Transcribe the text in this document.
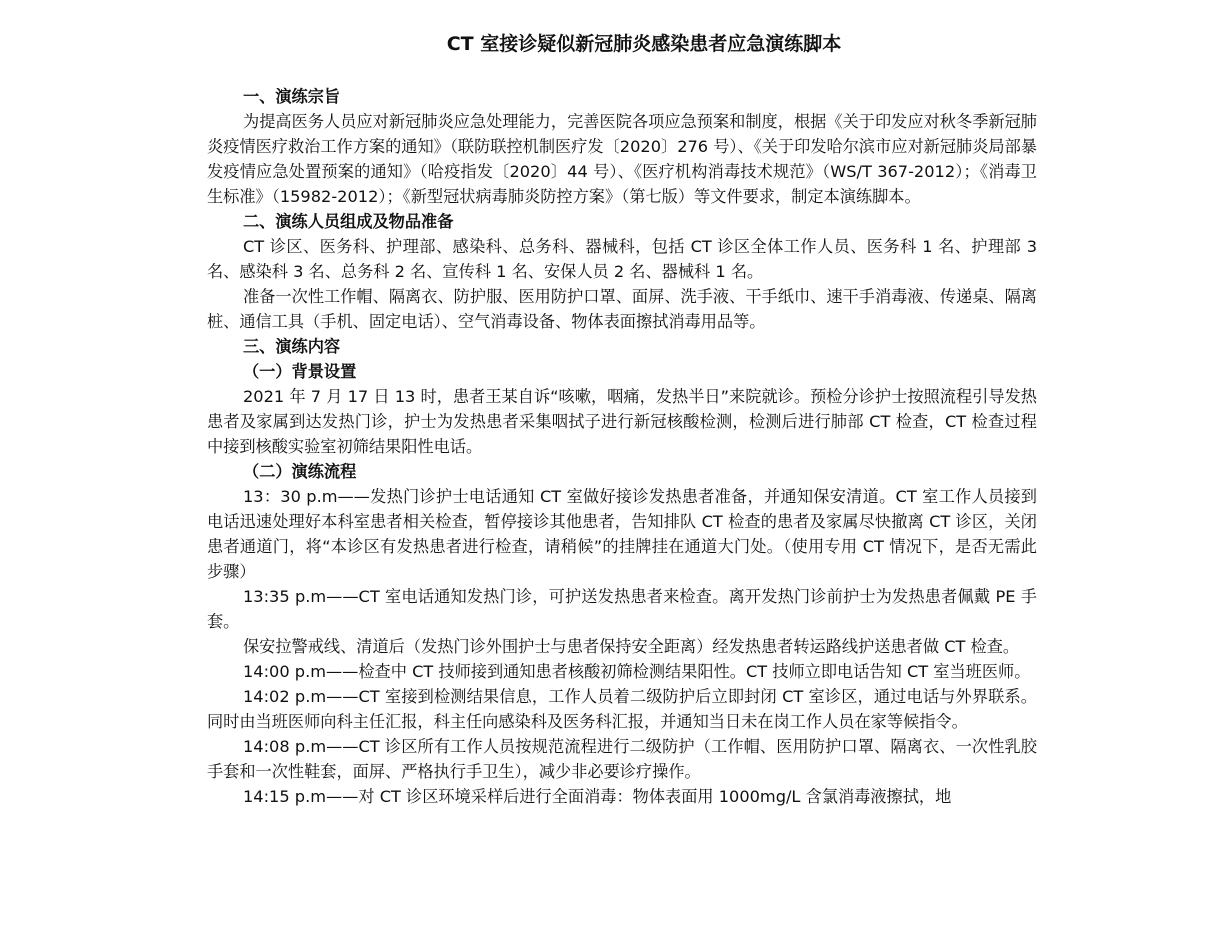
CT 室接诊疑似新冠肺炎感染患者应急演练脚本

一、演练宗旨

为提高医务人员应对新冠肺炎应急处理能力，完善医院各项应急预案和制度，根据《关于印发应对秋冬季新冠肺炎疫情医疗救治工作方案的通知》（联防联控机制医疗发〔2020〕276 号）、《关于印发哈尔滨市应对新冠肺炎局部暴发疫情应急处置预案的通知》（哈疫指发〔2020〕44 号）、《医疗机构消毒技术规范》（WS/T 367-2012）；《消毒卫生标准》（15982-2012）；《新型冠状病毒肺炎防控方案》（第七版）等文件要求，制定本演练脚本。

二、演练人员组成及物品准备

CT 诊区、医务科、护理部、感染科、总务科、器械科，包括 CT 诊区全体工作人员、医务科 1 名、护理部 3 名、感染科 3 名、总务科 2 名、宣传科 1 名、安保人员 2 名、器械科 1 名。

准备一次性工作帽、隔离衣、防护服、医用防护口罩、面屏、洗手液、干手纸巾、速干手消毒液、传递桌、隔离桩、通信工具（手机、固定电话）、空气消毒设备、物体表面擦拭消毒用品等。

三、演练内容

（一）背景设置

2021 年 7 月 17 日 13 时，患者王某自诉“咳嗽，咽痛，发热半日”来院就诊。预检分诊护士按照流程引导发热患者及家属到达发热门诊，护士为发热患者采集咽拭子进行新冠核酸检测，检测后进行肺部 CT 检查，CT 检查过程中接到核酸实验室初筛结果阳性电话。

（二）演练流程

13：30 p.m——发热门诊护士电话通知 CT 室做好接诊发热患者准备，并通知保安清道。CT 室工作人员接到电话迅速处理好本科室患者相关检查，暂停接诊其他患者，告知排队 CT 检查的患者及家属尽快撤离 CT 诊区，关闭患者通道门，将“本诊区有发热患者进行检查，请稍候”的挂牌挂在通道大门处。（使用专用 CT 情况下，是否无需此步骤）

13:35 p.m——CT 室电话通知发热门诊，可护送发热患者来检查。离开发热门诊前护士为发热患者佩戴 PE 手套。

保安拉警戒线、清道后（发热门诊外围护士与患者保持安全距离）经发热患者转运路线护送患者做 CT 检查。

14:00 p.m——检查中 CT 技师接到通知患者核酸初筛检测结果阳性。CT 技师立即电话告知 CT 室当班医师。

14:02 p.m——CT 室接到检测结果信息，工作人员着二级防护后立即封闭 CT 室诊区，通过电话与外界联系。同时由当班医师向科主任汇报，科主任向感染科及医务科汇报，并通知当日未在岗工作人员在家等候指令。

14:08 p.m——CT 诊区所有工作人员按规范流程进行二级防护（工作帽、医用防护口罩、隔离衣、一次性乳胶手套和一次性鞋套，面屏、严格执行手卫生），减少非必要诊疗操作。

14:15 p.m——对 CT 诊区环境采样后进行全面消毒：物体表面用 1000mg/L 含氯消毒液擦拭，地
